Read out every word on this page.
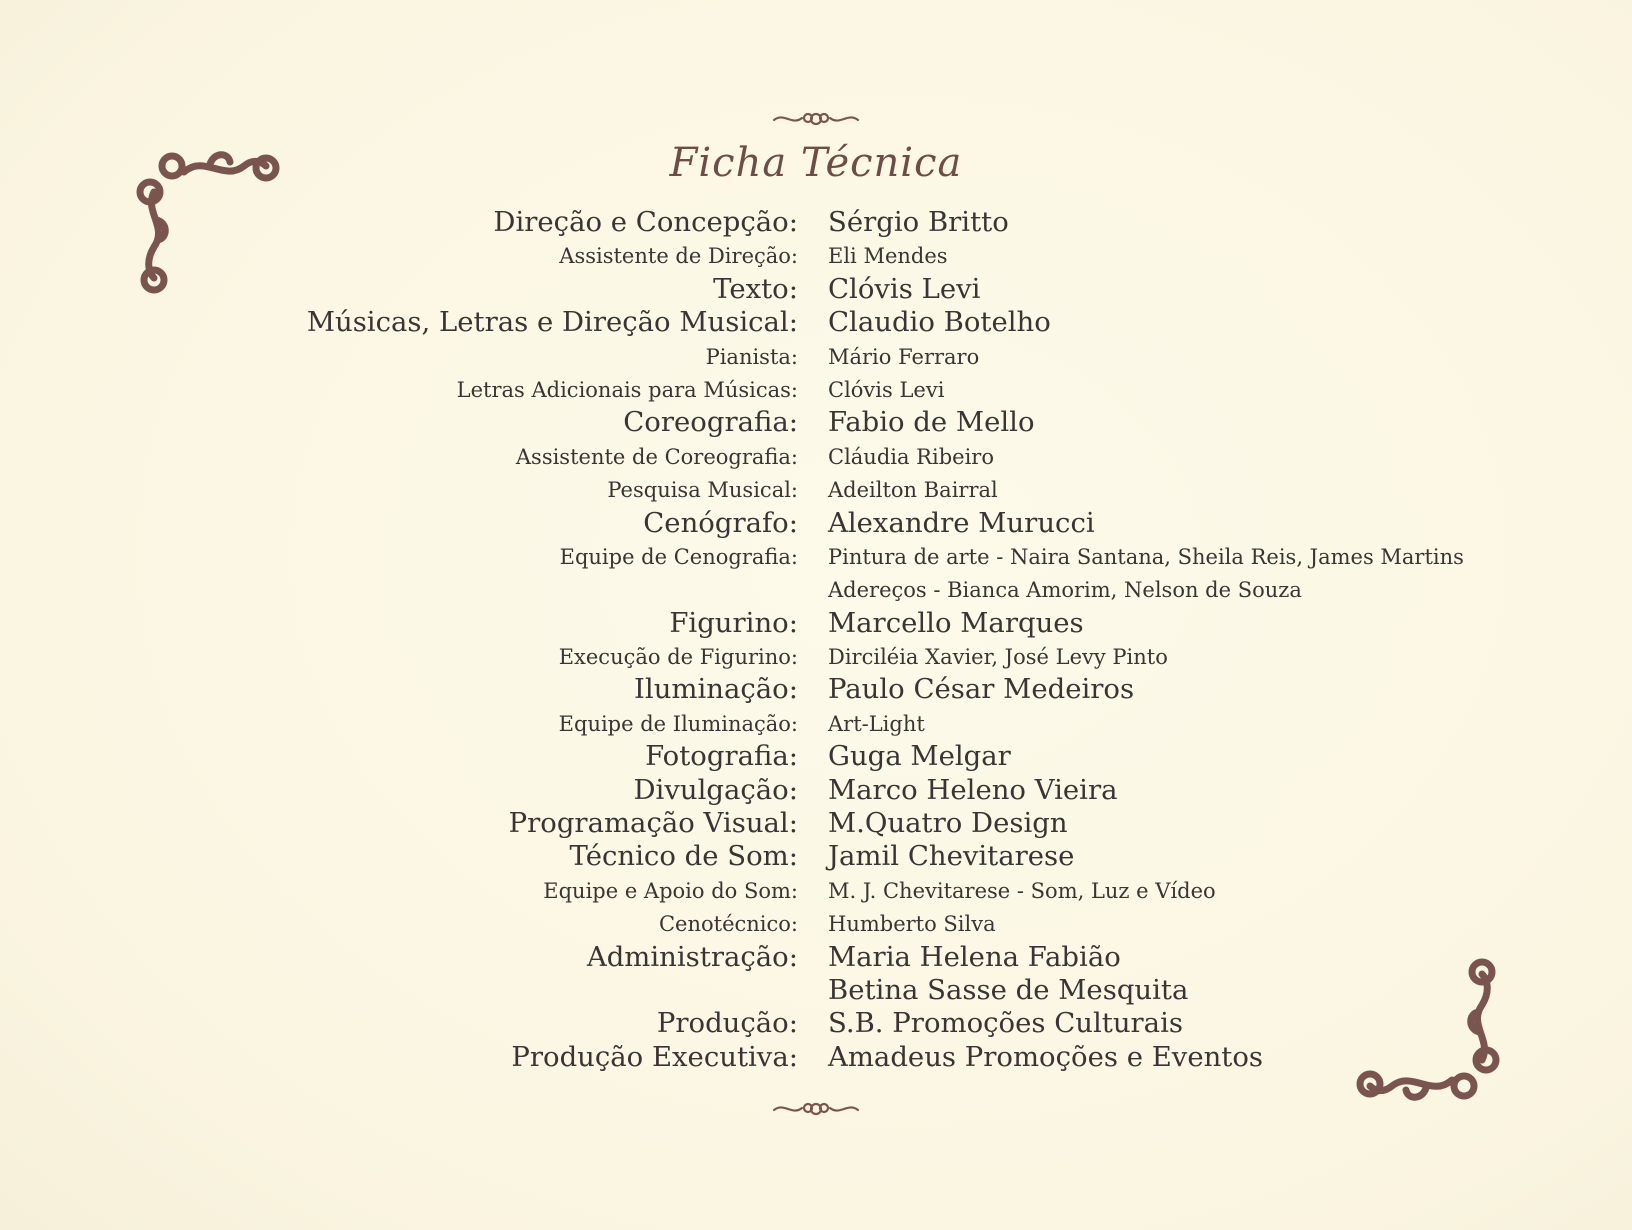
Ficha Técnica
Direção e Concepção: Sérgio Britto
Assistente de Direção: Eli Mendes
Texto: Clóvis Levi
Músicas, Letras e Direção Musical: Claudio Botelho
Pianista: Mário Ferraro
Letras Adicionais para Músicas: Clóvis Levi
Coreografia: Fabio de Mello
Assistente de Coreografia: Cláudia Ribeiro
Pesquisa Musical: Adeilton Bairral
Cenógrafo: Alexandre Murucci
Equipe de Cenografia: Pintura de arte - Naira Santana, Sheila Reis, James Martins
Adereços - Bianca Amorim, Nelson de Souza
Figurino: Marcello Marques
Execução de Figurino: Dirciléia Xavier, José Levy Pinto
Iluminação: Paulo César Medeiros
Equipe de Iluminação: Art-Light
Fotografia: Guga Melgar
Divulgação: Marco Heleno Vieira
Programação Visual: M.Quatro Design
Técnico de Som: Jamil Chevitarese
Equipe e Apoio do Som: M. J. Chevitarese - Som, Luz e Vídeo
Cenotécnico: Humberto Silva
Administração: Maria Helena Fabião
Betina Sasse de Mesquita
Produção: S.B. Promoções Culturais
Produção Executiva: Amadeus Promoções e Eventos
